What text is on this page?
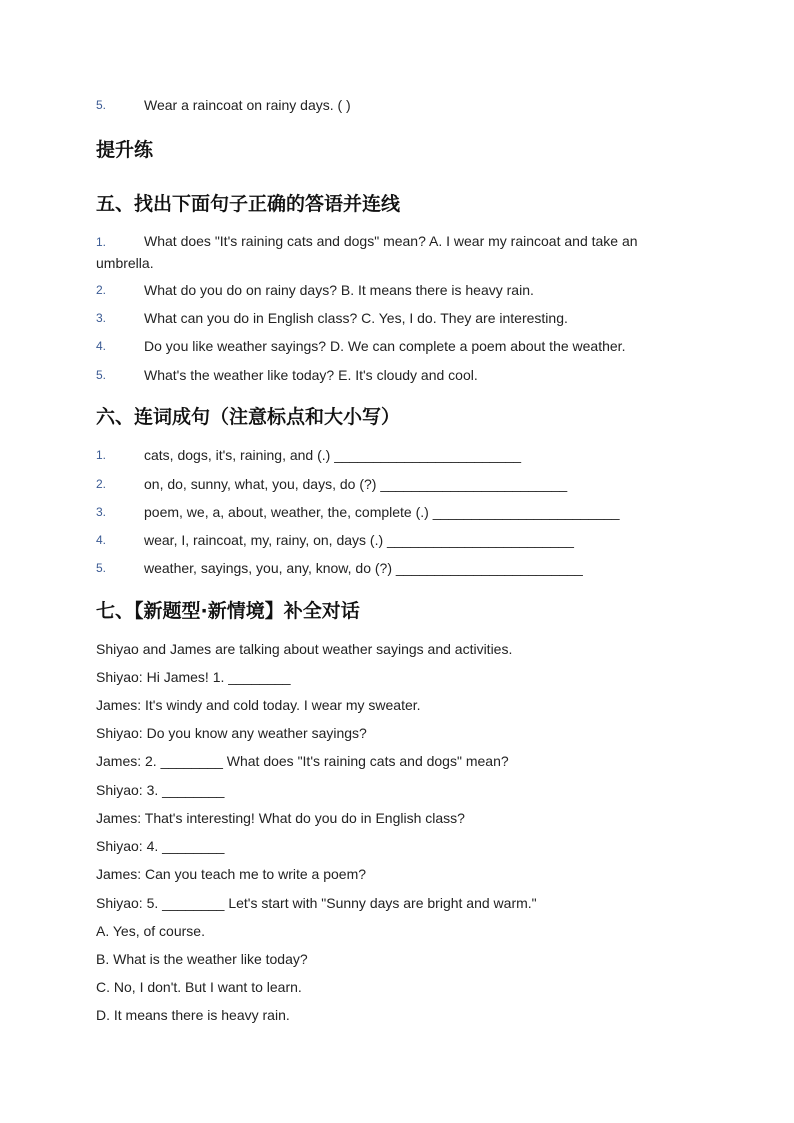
5.	Wear a raincoat on rainy days. ( )
提升练
五、找出下面句子正确的答语并连线
1.	What does "It's raining cats and dogs" mean? A. I wear my raincoat and take an umbrella.
2.	What do you do on rainy days? B. It means there is heavy rain.
3.	What can you do in English class? C. Yes, I do. They are interesting.
4.	Do you like weather sayings? D. We can complete a poem about the weather.
5.	What's the weather like today? E. It's cloudy and cool.
六、连词成句（注意标点和大小写）
1.	cats, dogs, it's, raining, and (.) ________________________
2.	on, do, sunny, what, you, days, do (?) ________________________
3.	poem, we, a, about, weather, the, complete (.) ________________________
4.	wear, I, raincoat, my, rainy, on, days (.) ________________________
5.	weather, sayings, you, any, know, do (?) ________________________
七、【新题型·新情境】补全对话
Shiyao and James are talking about weather sayings and activities.
Shiyao: Hi James! 1. ________
James: It's windy and cold today. I wear my sweater.
Shiyao: Do you know any weather sayings?
James: 2. ________ What does "It's raining cats and dogs" mean?
Shiyao: 3. ________
James: That's interesting! What do you do in English class?
Shiyao: 4. ________
James: Can you teach me to write a poem?
Shiyao: 5. ________ Let's start with "Sunny days are bright and warm."
A. Yes, of course.
B. What is the weather like today?
C. No, I don't. But I want to learn.
D. It means there is heavy rain.
